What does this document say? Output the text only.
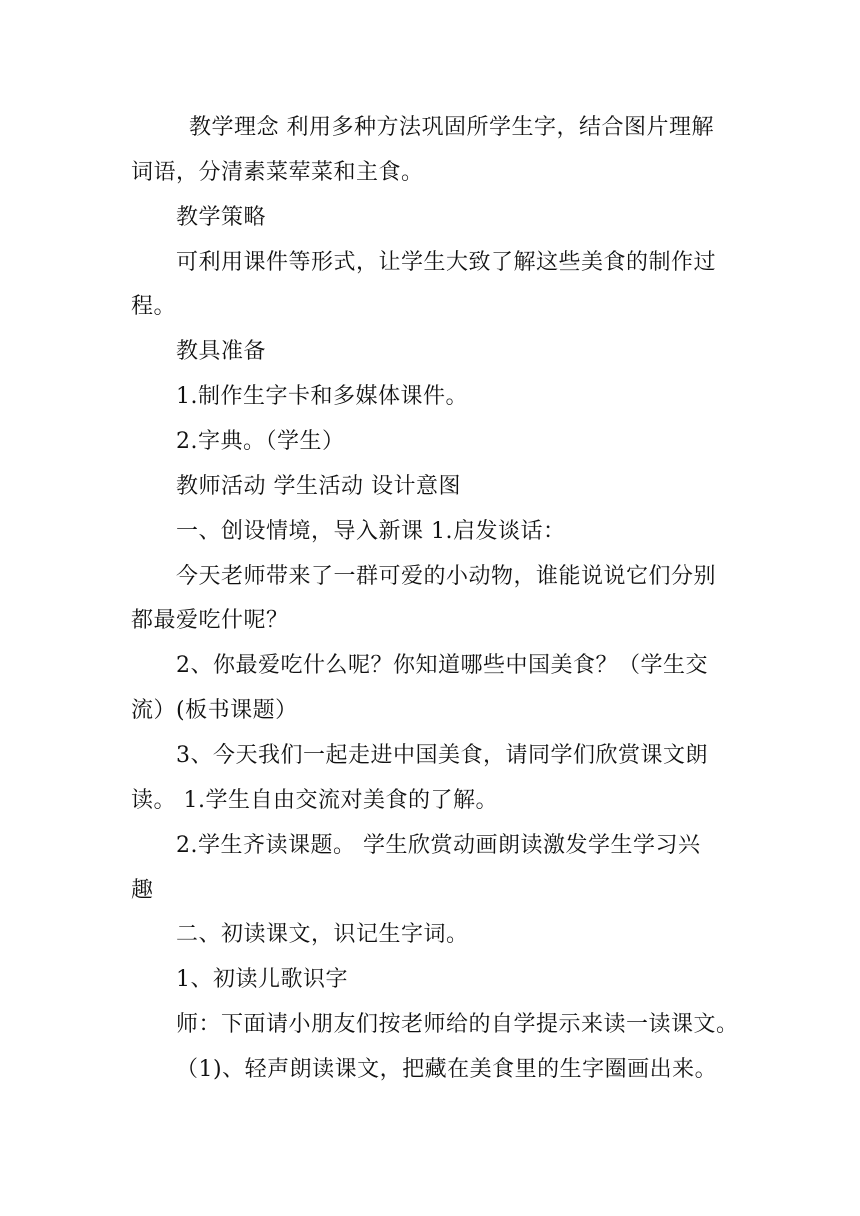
教学理念 利用多种方法巩固所学生字，结合图片理解
词语，分清素菜荤菜和主食。
教学策略
可利用课件等形式，让学生大致了解这些美食的制作过
程。
教具准备
1.制作生字卡和多媒体课件。
2.字典。（学生）
教师活动 学生活动 设计意图
一、创设情境，导入新课 1.启发谈话：
今天老师带来了一群可爱的小动物，谁能说说它们分别
都最爱吃什呢？
2、你最爱吃什么呢？你知道哪些中国美食？（学生交
流）(板书课题）
3、今天我们一起走进中国美食，请同学们欣赏课文朗
读。 1.学生自由交流对美食的了解。
2.学生齐读课题。 学生欣赏动画朗读激发学生学习兴
趣
二、初读课文，识记生字词。
1、初读儿歌识字
师：下面请小朋友们按老师给的自学提示来读一读课文。
（1)、轻声朗读课文，把藏在美食里的生字圈画出来。
